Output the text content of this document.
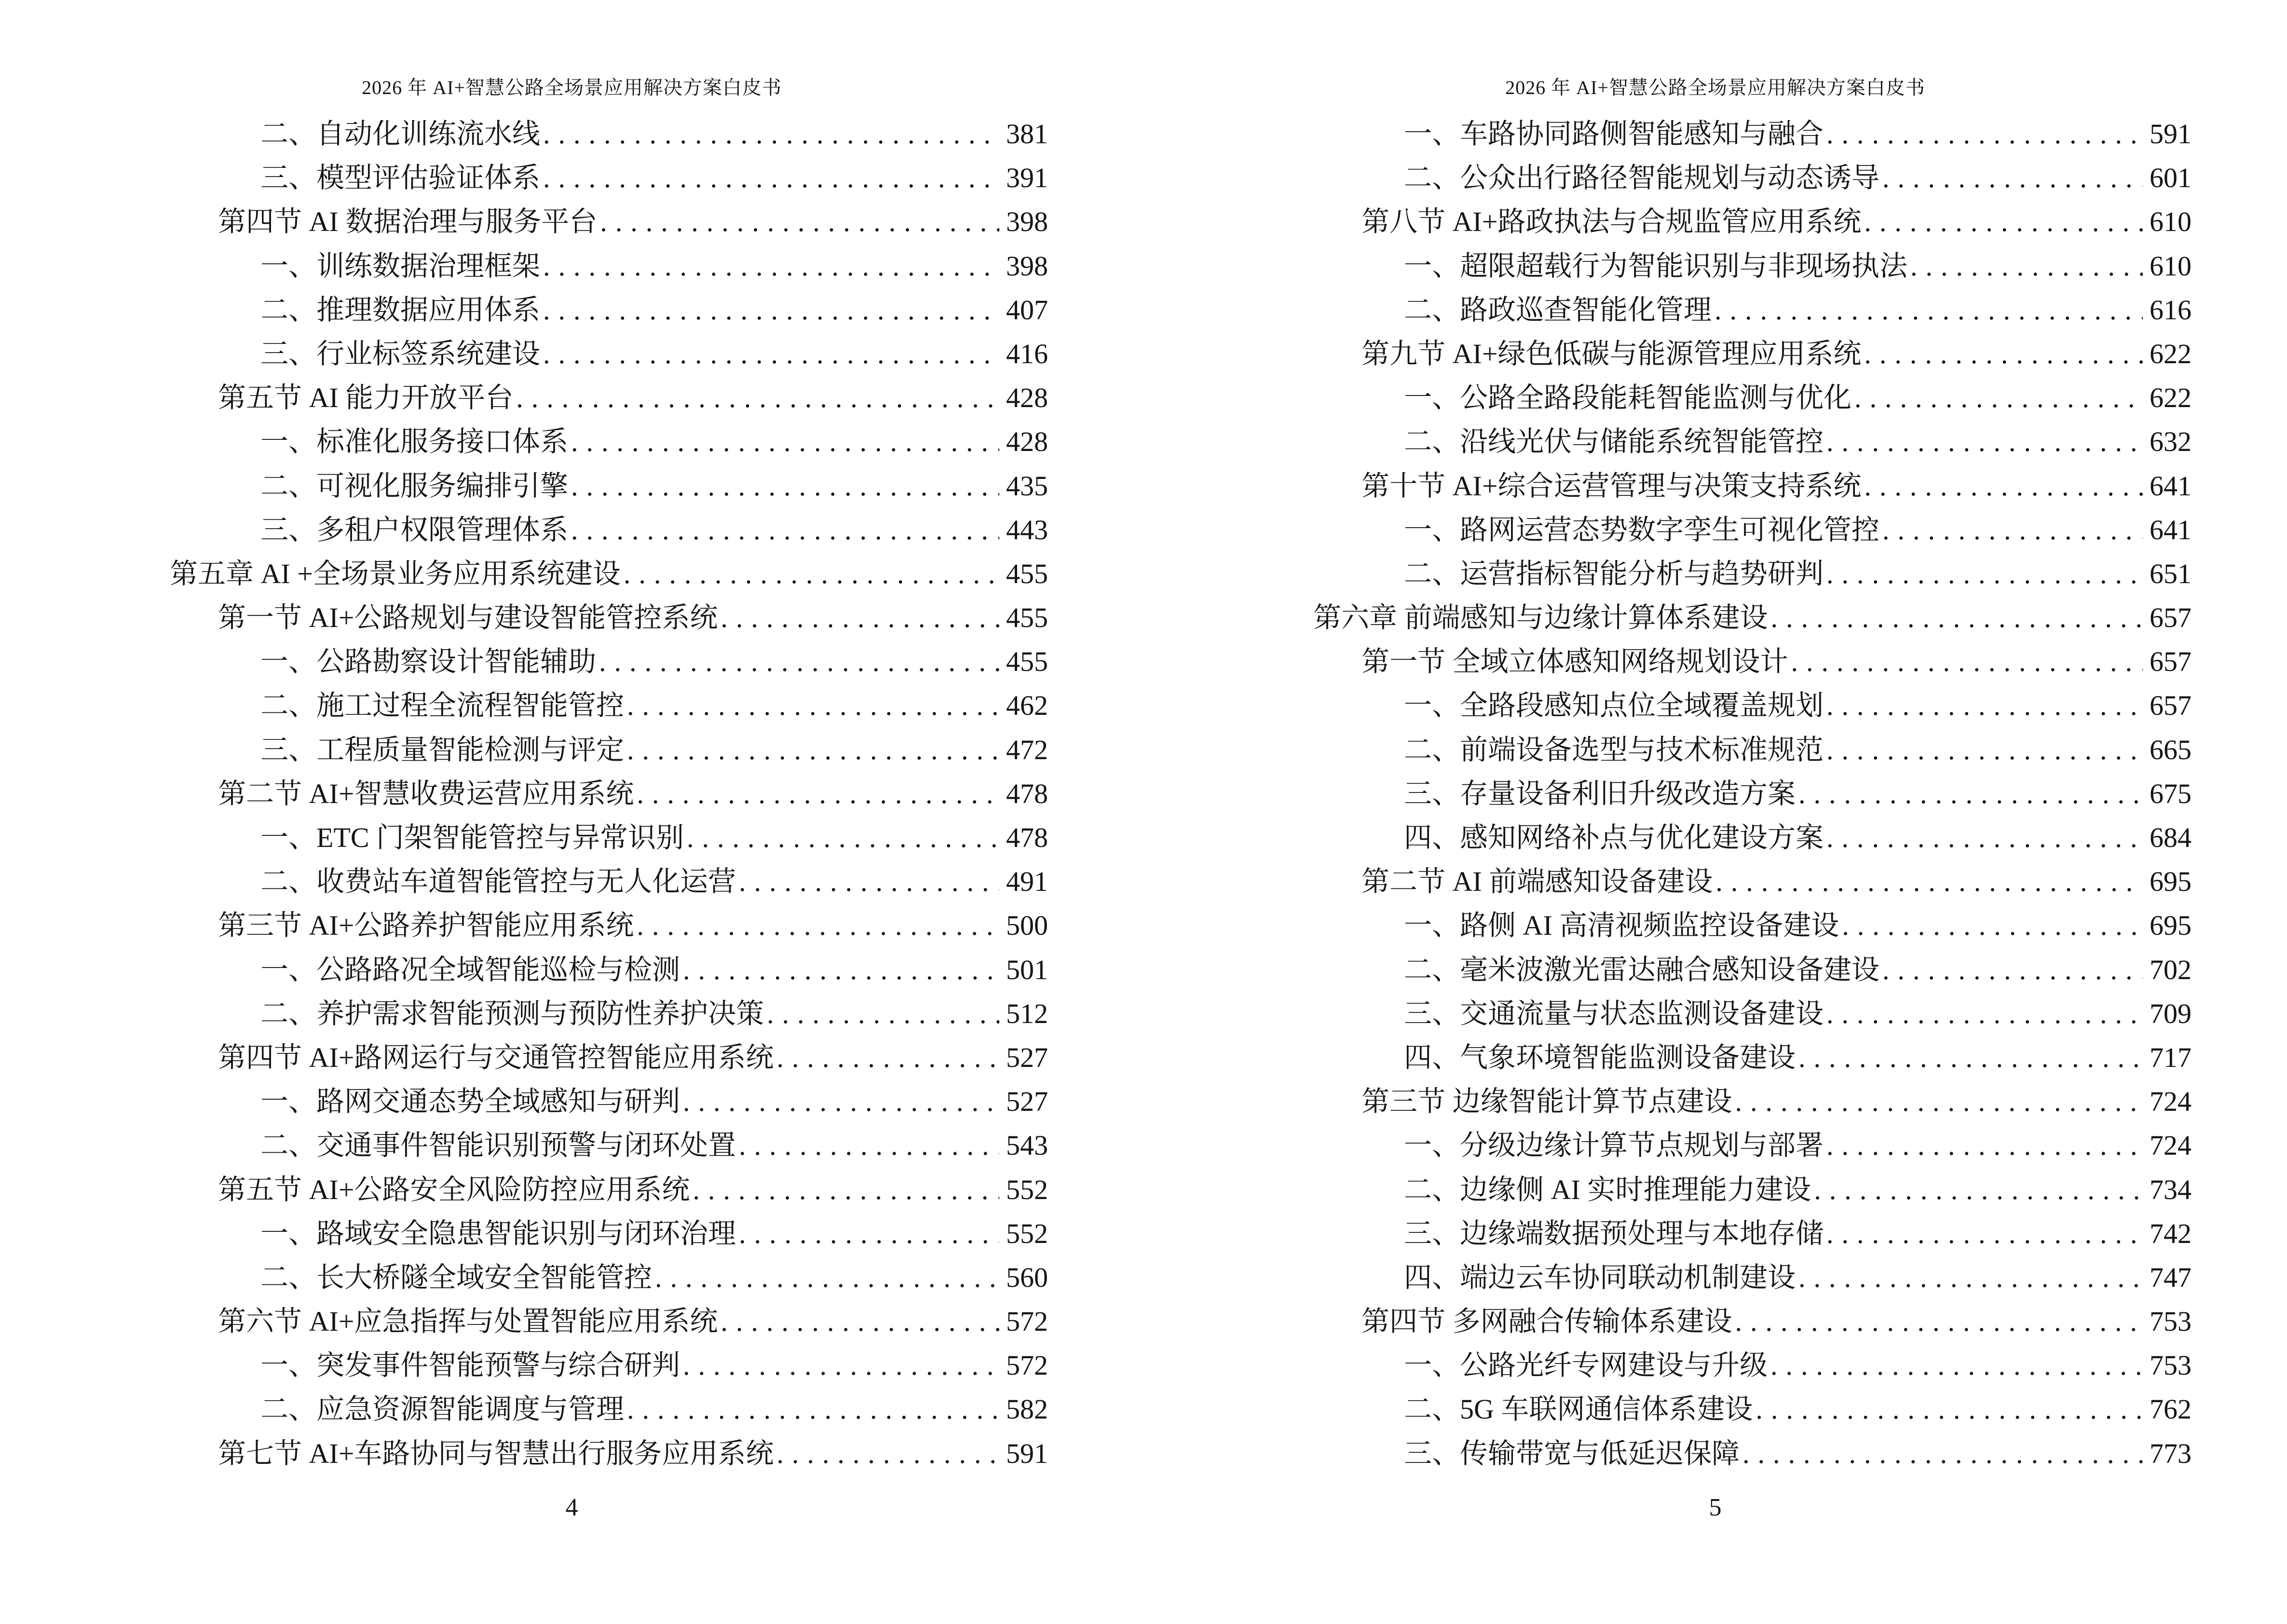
2026 年 AI+智慧公路全场景应用解决方案白皮书
二、自动化训练流水线 .....	381
三、模型评估验证体系 .....	391
第四节 AI 数据治理与服务平台 .....	398
一、训练数据治理框架 .....	398
二、推理数据应用体系 .....	407
三、行业标签系统建设 .....	416
第五节 AI 能力开放平台 .....	428
一、标准化服务接口体系 .....	428
二、可视化服务编排引擎 .....	435
三、多租户权限管理体系 .....	443
第五章 AI +全场景业务应用系统建设 .....	455
第一节 AI+公路规划与建设智能管控系统 .....	455
一、公路勘察设计智能辅助 .....	455
二、施工过程全流程智能管控 .....	462
三、工程质量智能检测与评定 .....	472
第二节 AI+智慧收费运营应用系统 .....	478
一、ETC 门架智能管控与异常识别 .....	478
二、收费站车道智能管控与无人化运营 .....	491
第三节 AI+公路养护智能应用系统 .....	500
一、公路路况全域智能巡检与检测 .....	501
二、养护需求智能预测与预防性养护决策 .....	512
第四节 AI+路网运行与交通管控智能应用系统 .....	527
一、路网交通态势全域感知与研判 .....	527
二、交通事件智能识别预警与闭环处置 .....	543
第五节 AI+公路安全风险防控应用系统 .....	552
一、路域安全隐患智能识别与闭环治理 .....	552
二、长大桥隧全域安全智能管控 .....	560
第六节 AI+应急指挥与处置智能应用系统 .....	572
一、突发事件智能预警与综合研判 .....	572
二、应急资源智能调度与管理 .....	582
第七节 AI+车路协同与智慧出行服务应用系统 .....	591
4
2026 年 AI+智慧公路全场景应用解决方案白皮书
一、车路协同路侧智能感知与融合 .....	591
二、公众出行路径智能规划与动态诱导 .....	601
第八节 AI+路政执法与合规监管应用系统 .....	610
一、超限超载行为智能识别与非现场执法 .....	610
二、路政巡查智能化管理 .....	616
第九节 AI+绿色低碳与能源管理应用系统 .....	622
一、公路全路段能耗智能监测与优化 .....	622
二、沿线光伏与储能系统智能管控 .....	632
第十节 AI+综合运营管理与决策支持系统 .....	641
一、路网运营态势数字孪生可视化管控 .....	641
二、运营指标智能分析与趋势研判 .....	651
第六章 前端感知与边缘计算体系建设 .....	657
第一节 全域立体感知网络规划设计 .....	657
一、全路段感知点位全域覆盖规划 .....	657
二、前端设备选型与技术标准规范 .....	665
三、存量设备利旧升级改造方案 .....	675
四、感知网络补点与优化建设方案 .....	684
第二节 AI 前端感知设备建设 .....	695
一、路侧 AI 高清视频监控设备建设 .....	695
二、毫米波激光雷达融合感知设备建设 .....	702
三、交通流量与状态监测设备建设 .....	709
四、气象环境智能监测设备建设 .....	717
第三节 边缘智能计算节点建设 .....	724
一、分级边缘计算节点规划与部署 .....	724
二、边缘侧 AI 实时推理能力建设 .....	734
三、边缘端数据预处理与本地存储 .....	742
四、端边云车协同联动机制建设 .....	747
第四节 多网融合传输体系建设 .....	753
一、公路光纤专网建设与升级 .....	753
二、5G 车联网通信体系建设 .....	762
三、传输带宽与低延迟保障 .....	773
5
